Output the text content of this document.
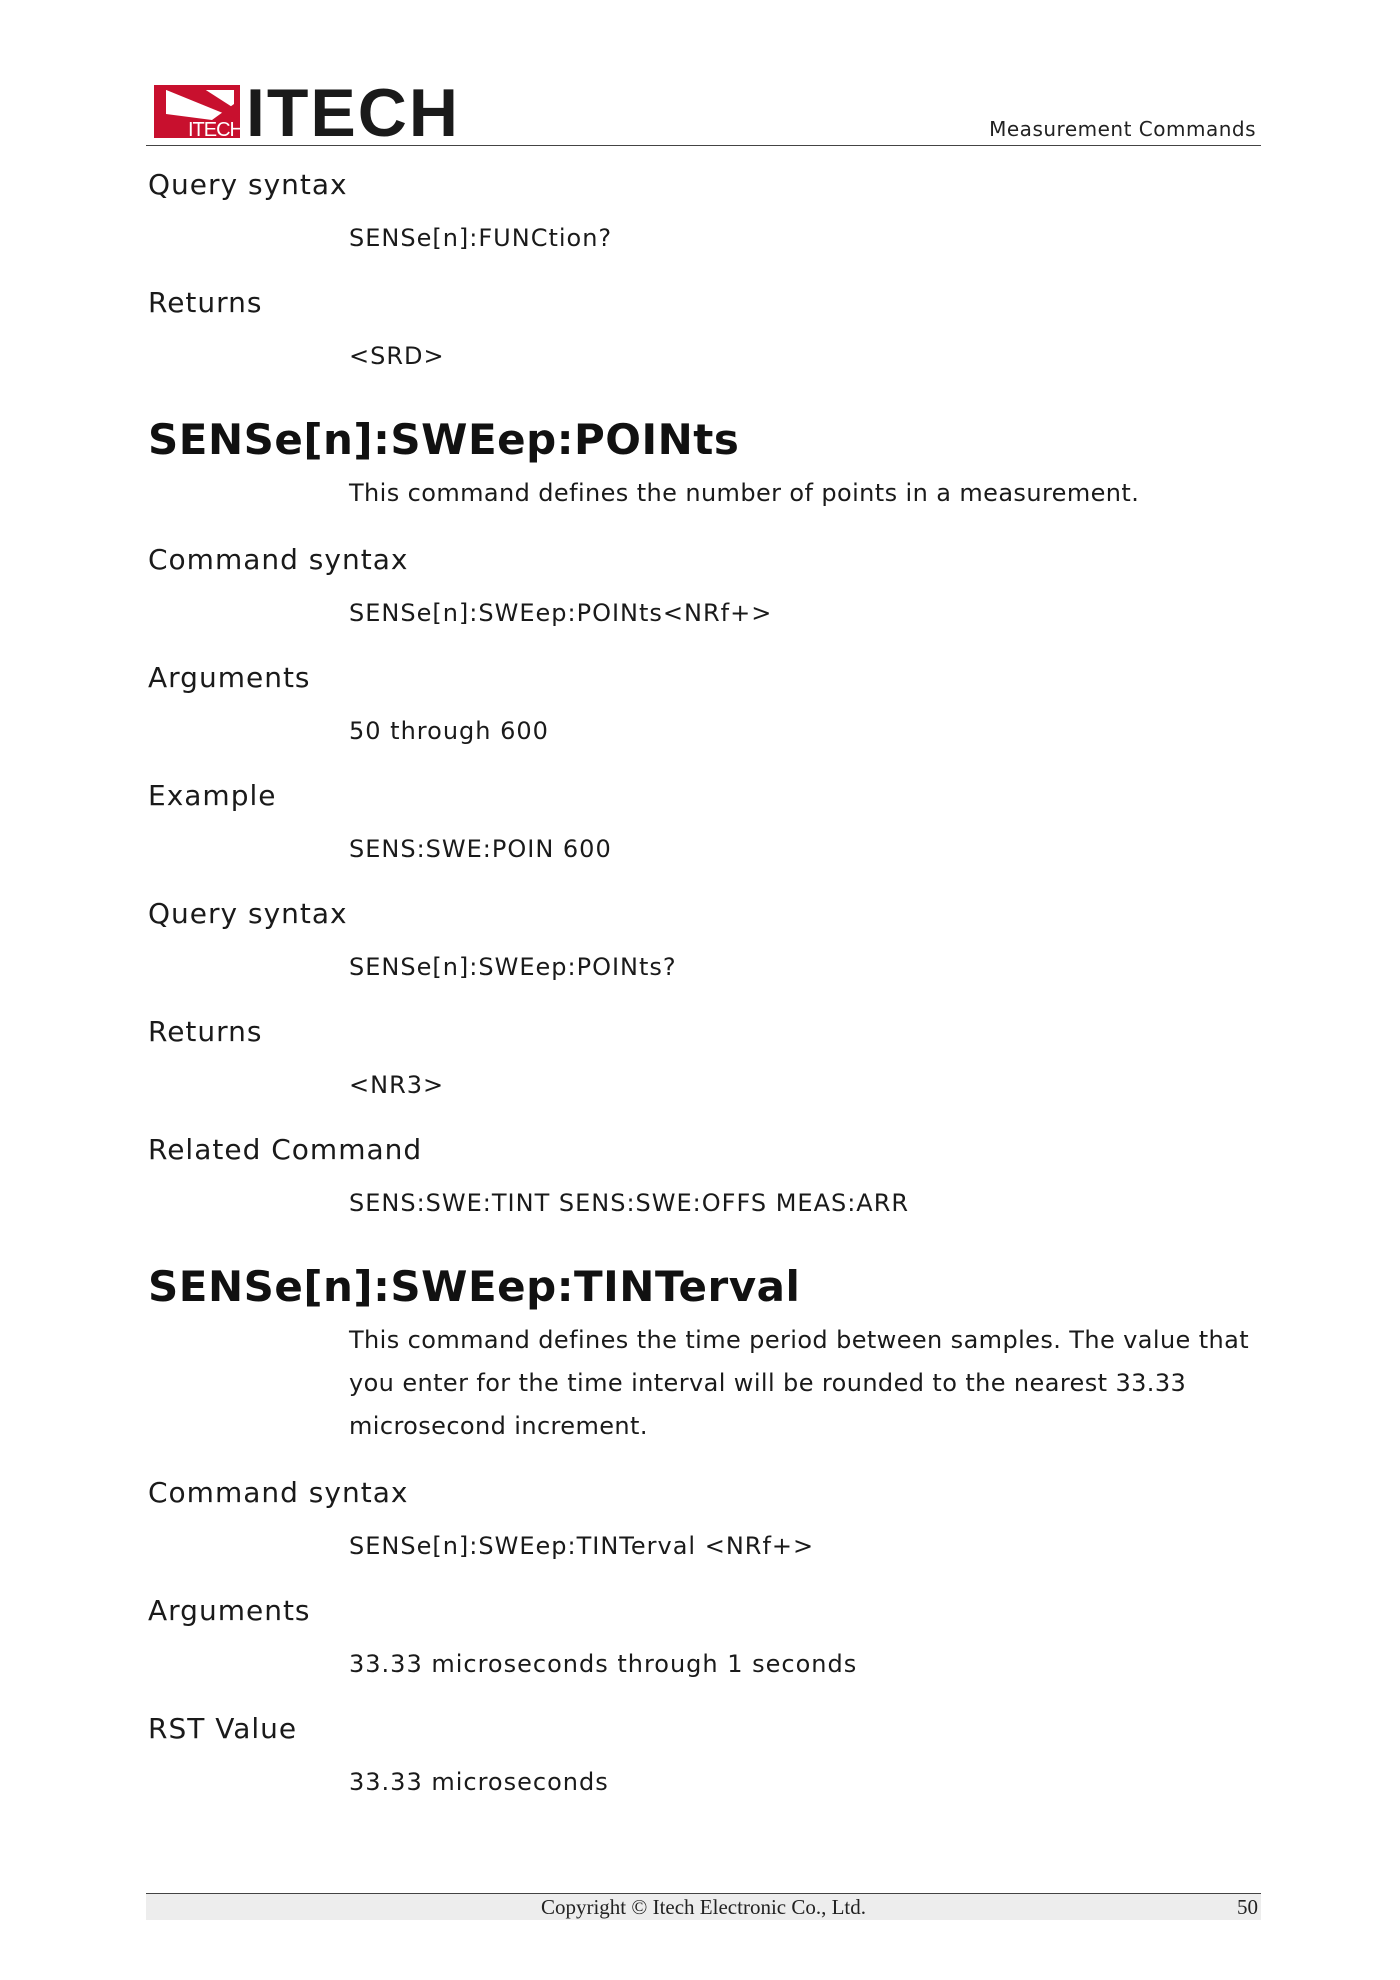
ITECH ITECH	Measurement Commands
Query syntax
SENSe[n]:FUNCtion?
Returns
<SRD>
SENSe[n]:SWEep:POINts
This command defines the number of points in a measurement.
Command syntax
SENSe[n]:SWEep:POINts<NRf+>
Arguments
50 through 600
Example
SENS:SWE:POIN 600
Query syntax
SENSe[n]:SWEep:POINts?
Returns
<NR3>
Related Command
SENS:SWE:TINT SENS:SWE:OFFS MEAS:ARR
SENSe[n]:SWEep:TINTerval
This command defines the time period between samples. The value that you enter for the time interval will be rounded to the nearest 33.33 microsecond increment.
Command syntax
SENSe[n]:SWEep:TINTerval <NRf+>
Arguments
33.33 microseconds through 1 seconds
RST Value
33.33 microseconds
Copyright © Itech Electronic Co., Ltd.	50
